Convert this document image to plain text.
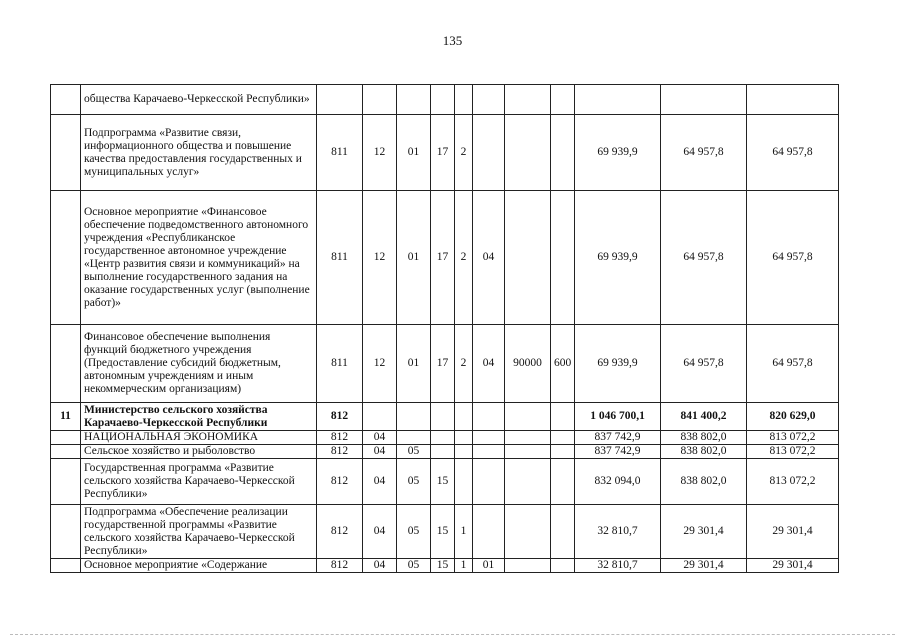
135
	общества Карачаево-Черкесской Республики»											
	Подпрограмма «Развитие связи, информационного общества и повышение качества предоставления государственных и муниципальных услуг»	811	12	01	17	2				69 939,9	64 957,8	64 957,8
	Основное мероприятие «Финансовое обеспечение подведомственного автономного учреждения «Республиканское государственное автономное учреждение «Центр развития связи и коммуникаций» на выполнение государственного задания на оказание государственных услуг (выполнение работ)»	811	12	01	17	2	04			69 939,9	64 957,8	64 957,8
	Финансовое обеспечение выполнения функций бюджетного учреждения (Предоставление субсидий бюджетным, автономным учреждениям и иным некоммерческим организациям)	811	12	01	17	2	04	90000	600	69 939,9	64 957,8	64 957,8
11	Министерство сельского хозяйства Карачаево-Черкесской Республики	812								1 046 700,1	841 400,2	820 629,0
	НАЦИОНАЛЬНАЯ ЭКОНОМИКА	812	04							837 742,9	838 802,0	813 072,2
	Сельское хозяйство и рыболовство	812	04	05						837 742,9	838 802,0	813 072,2
	Государственная программа «Развитие сельского хозяйства Карачаево-Черкесской Республики»	812	04	05	15					832 094,0	838 802,0	813 072,2
	Подпрограмма «Обеспечение реализации государственной программы «Развитие сельского хозяйства Карачаево-Черкесской Республики»	812	04	05	15	1				32 810,7	29 301,4	29 301,4
	Основное мероприятие «Содержание	812	04	05	15	1	01			32 810,7	29 301,4	29 301,4
